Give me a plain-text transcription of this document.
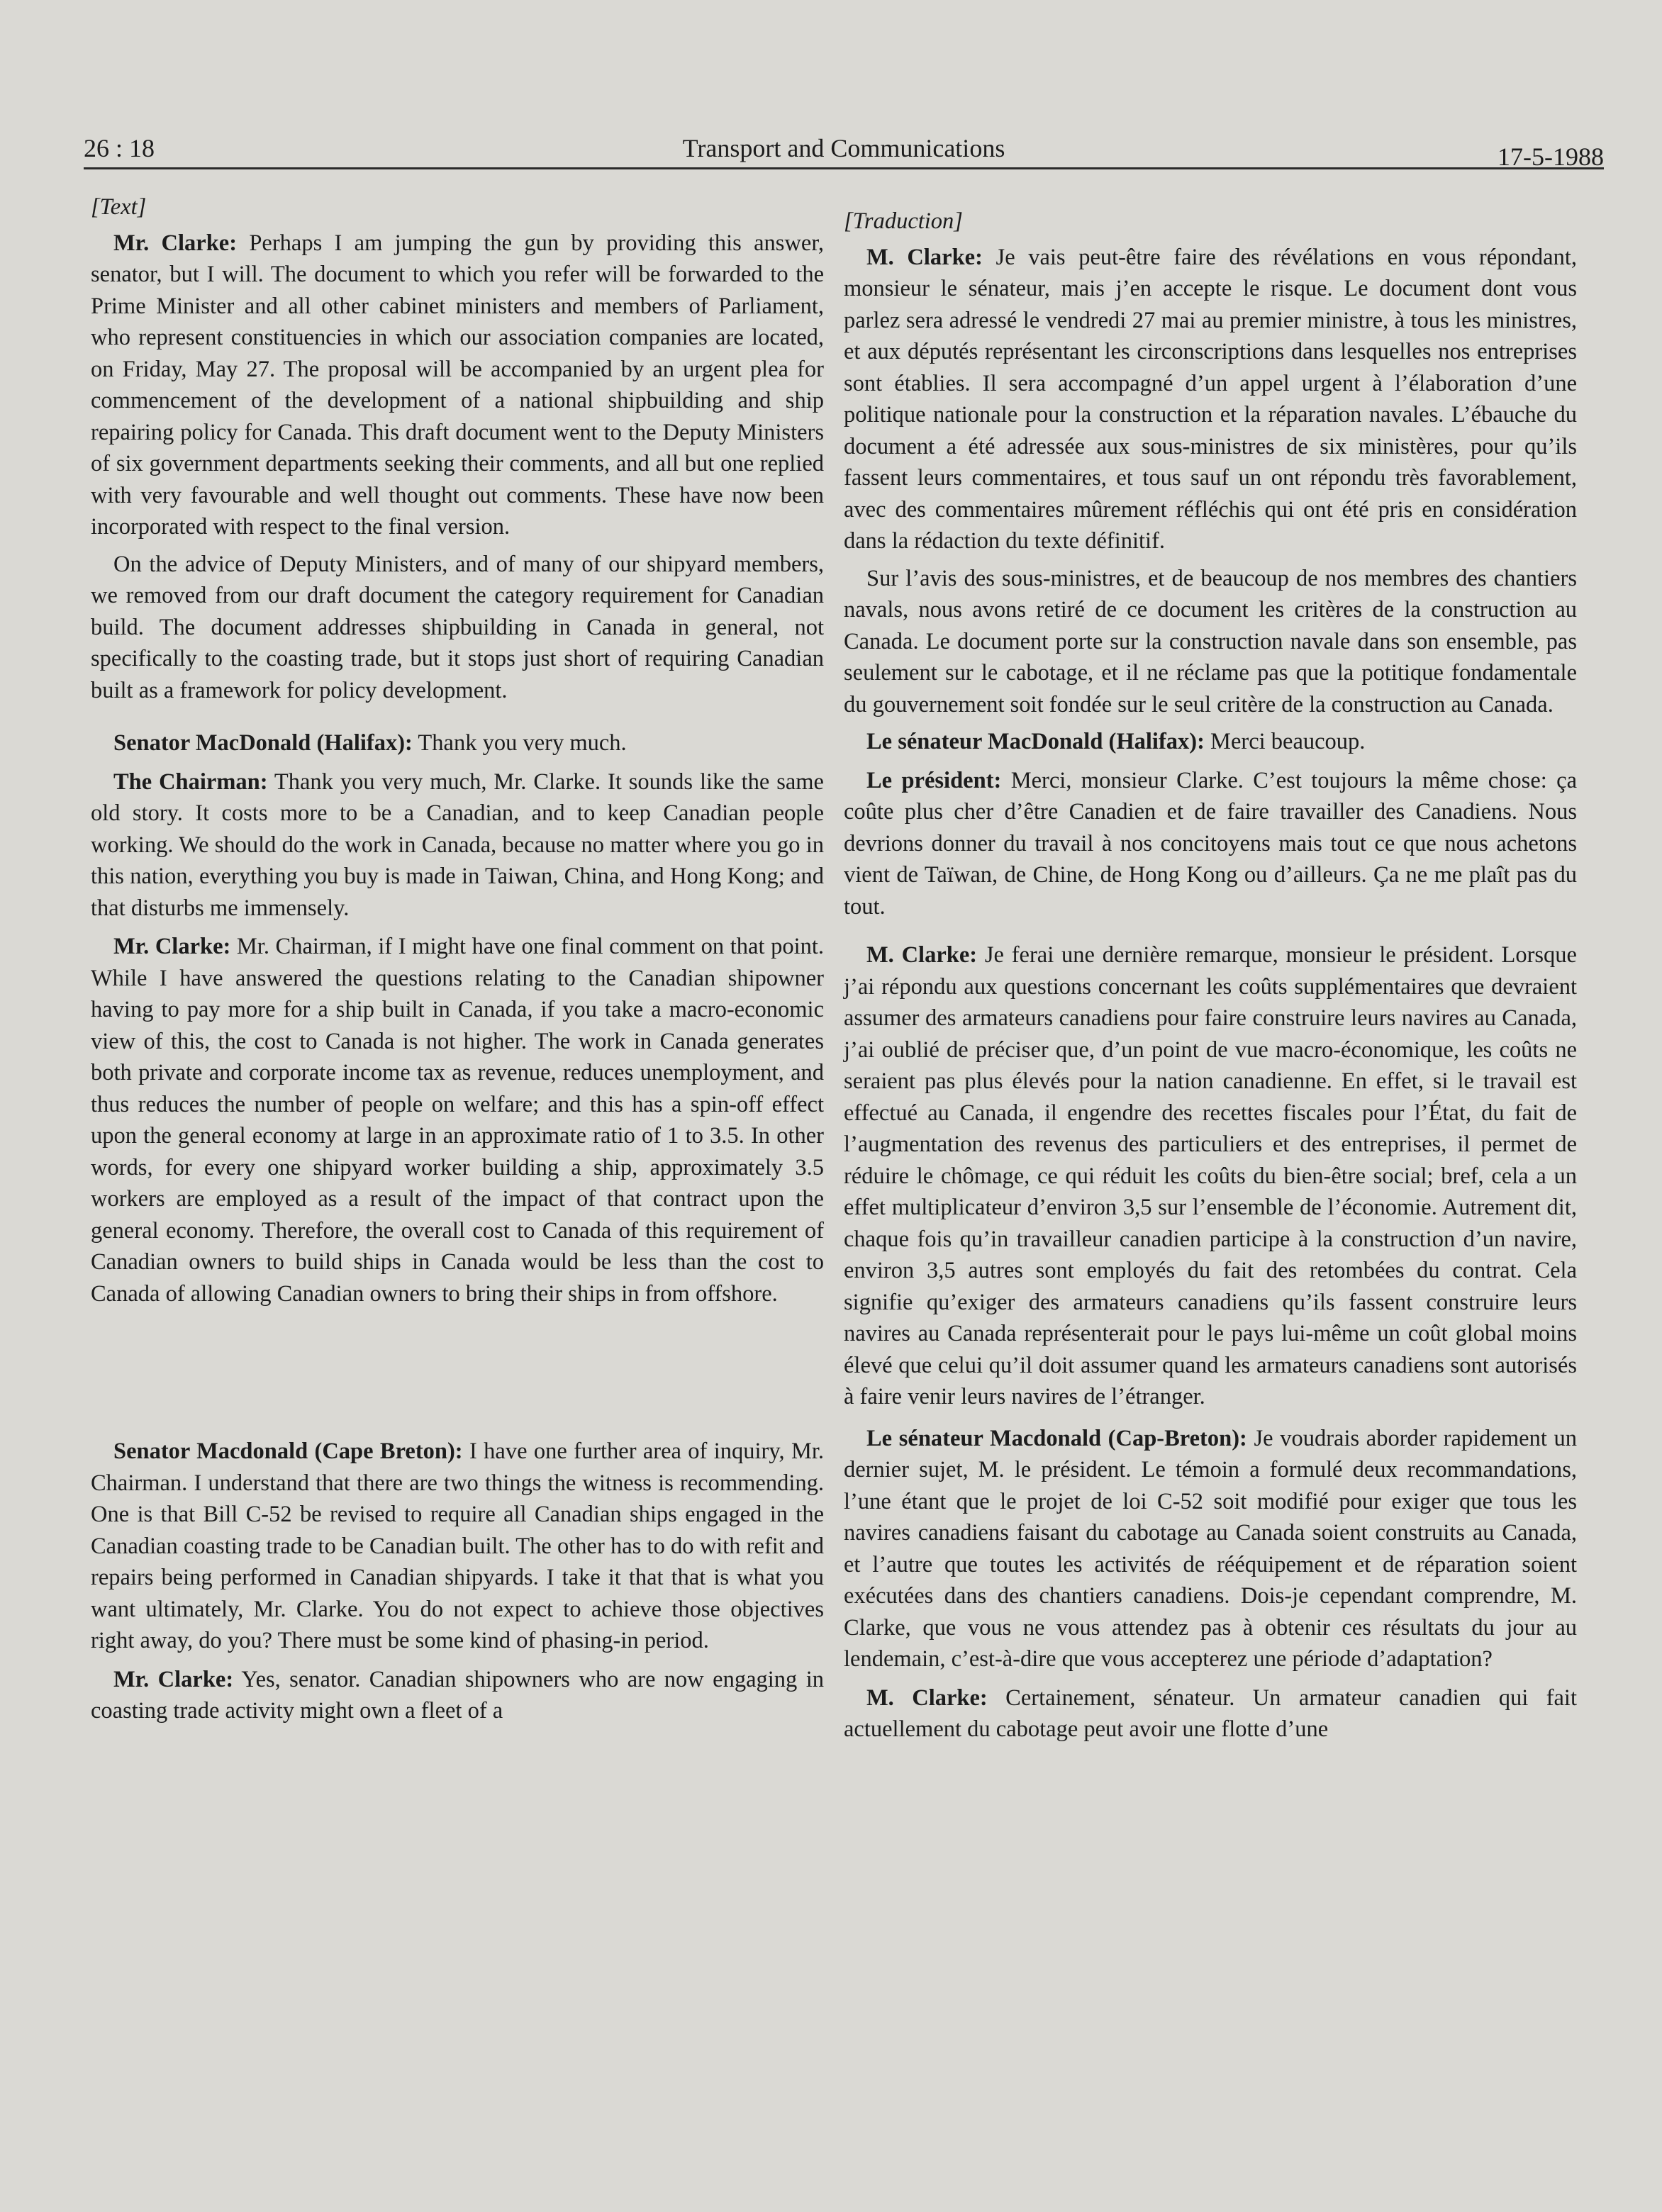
26 : 18	Transport and Communications	17-5-1988

[Text]

Mr. Clarke: Perhaps I am jumping the gun by providing this answer, senator, but I will. The document to which you refer will be forwarded to the Prime Minister and all other cabinet ministers and members of Parliament, who represent constituencies in which our association companies are located, on Friday, May 27. The proposal will be accompanied by an urgent plea for commencement of the development of a national shipbuilding and ship repairing policy for Canada. This draft document went to the Deputy Ministers of six government departments seeking their comments, and all but one replied with very favourable and well thought out comments. These have now been incorporated with respect to the final version.

On the advice of Deputy Ministers, and of many of our shipyard members, we removed from our draft document the category requirement for Canadian build. The document addresses shipbuilding in Canada in general, not specifically to the coasting trade, but it stops just short of requiring Canadian built as a framework for policy development.

Senator MacDonald (Halifax): Thank you very much.

The Chairman: Thank you very much, Mr. Clarke. It sounds like the same old story. It costs more to be a Canadian, and to keep Canadian people working. We should do the work in Canada, because no matter where you go in this nation, everything you buy is made in Taiwan, China, and Hong Kong; and that disturbs me immensely.

Mr. Clarke: Mr. Chairman, if I might have one final comment on that point. While I have answered the questions relating to the Canadian shipowner having to pay more for a ship built in Canada, if you take a macro-economic view of this, the cost to Canada is not higher. The work in Canada generates both private and corporate income tax as revenue, reduces unemployment, and thus reduces the number of people on welfare; and this has a spin-off effect upon the general economy at large in an approximate ratio of 1 to 3.5. In other words, for every one shipyard worker building a ship, approximately 3.5 workers are employed as a result of the impact of that contract upon the general economy. Therefore, the overall cost to Canada of this requirement of Canadian owners to build ships in Canada would be less than the cost to Canada of allowing Canadian owners to bring their ships in from offshore.

Senator Macdonald (Cape Breton): I have one further area of inquiry, Mr. Chairman. I understand that there are two things the witness is recommending. One is that Bill C-52 be revised to require all Canadian ships engaged in the Canadian coasting trade to be Canadian built. The other has to do with refit and repairs being performed in Canadian shipyards. I take it that that is what you want ultimately, Mr. Clarke. You do not expect to achieve those objectives right away, do you? There must be some kind of phasing-in period.

Mr. Clarke: Yes, senator. Canadian shipowners who are now engaging in coasting trade activity might own a fleet of a

[Traduction]

M. Clarke: Je vais peut-être faire des révélations en vous répondant, monsieur le sénateur, mais j’en accepte le risque. Le document dont vous parlez sera adressé le vendredi 27 mai au premier ministre, à tous les ministres, et aux députés représentant les circonscriptions dans lesquelles nos entreprises sont établies. Il sera accompagné d’un appel urgent à l’élaboration d’une politique nationale pour la construction et la réparation navales. L’ébauche du document a été adressée aux sous-ministres de six ministères, pour qu’ils fassent leurs commentaires, et tous sauf un ont répondu très favorablement, avec des commentaires mûrement réfléchis qui ont été pris en considération dans la rédaction du texte définitif.

Sur l’avis des sous-ministres, et de beaucoup de nos membres des chantiers navals, nous avons retiré de ce document les critères de la construction au Canada. Le document porte sur la construction navale dans son ensemble, pas seulement sur le cabotage, et il ne réclame pas que la potitique fondamentale du gouvernement soit fondée sur le seul critère de la construction au Canada.

Le sénateur MacDonald (Halifax): Merci beaucoup.

Le président: Merci, monsieur Clarke. C’est toujours la même chose: ça coûte plus cher d’être Canadien et de faire travailler des Canadiens. Nous devrions donner du travail à nos concitoyens mais tout ce que nous achetons vient de Taïwan, de Chine, de Hong Kong ou d’ailleurs. Ça ne me plaît pas du tout.

M. Clarke: Je ferai une dernière remarque, monsieur le président. Lorsque j’ai répondu aux questions concernant les coûts supplémentaires que devraient assumer des armateurs canadiens pour faire construire leurs navires au Canada, j’ai oublié de préciser que, d’un point de vue macro-économique, les coûts ne seraient pas plus élevés pour la nation canadienne. En effet, si le travail est effectué au Canada, il engendre des recettes fiscales pour l’État, du fait de l’augmentation des revenus des particuliers et des entreprises, il permet de réduire le chômage, ce qui réduit les coûts du bien-être social; bref, cela a un effet multiplicateur d’environ 3,5 sur l’ensemble de l’économie. Autrement dit, chaque fois qu’in travailleur canadien participe à la construction d’un navire, environ 3,5 autres sont employés du fait des retombées du contrat. Cela signifie qu’exiger des armateurs canadiens qu’ils fassent construire leurs navires au Canada représenterait pour le pays lui-même un coût global moins élevé que celui qu’il doit assumer quand les armateurs canadiens sont autorisés à faire venir leurs navires de l’étranger.

Le sénateur Macdonald (Cap-Breton): Je voudrais aborder rapidement un dernier sujet, M. le président. Le témoin a formulé deux recommandations, l’une étant que le projet de loi C-52 soit modifié pour exiger que tous les navires canadiens faisant du cabotage au Canada soient construits au Canada, et l’autre que toutes les activités de rééquipement et de réparation soient exécutées dans des chantiers canadiens. Dois-je cependant comprendre, M. Clarke, que vous ne vous attendez pas à obtenir ces résultats du jour au lendemain, c’est-à-dire que vous accepterez une période d’adaptation?

M. Clarke: Certainement, sénateur. Un armateur canadien qui fait actuellement du cabotage peut avoir une flotte d’une
